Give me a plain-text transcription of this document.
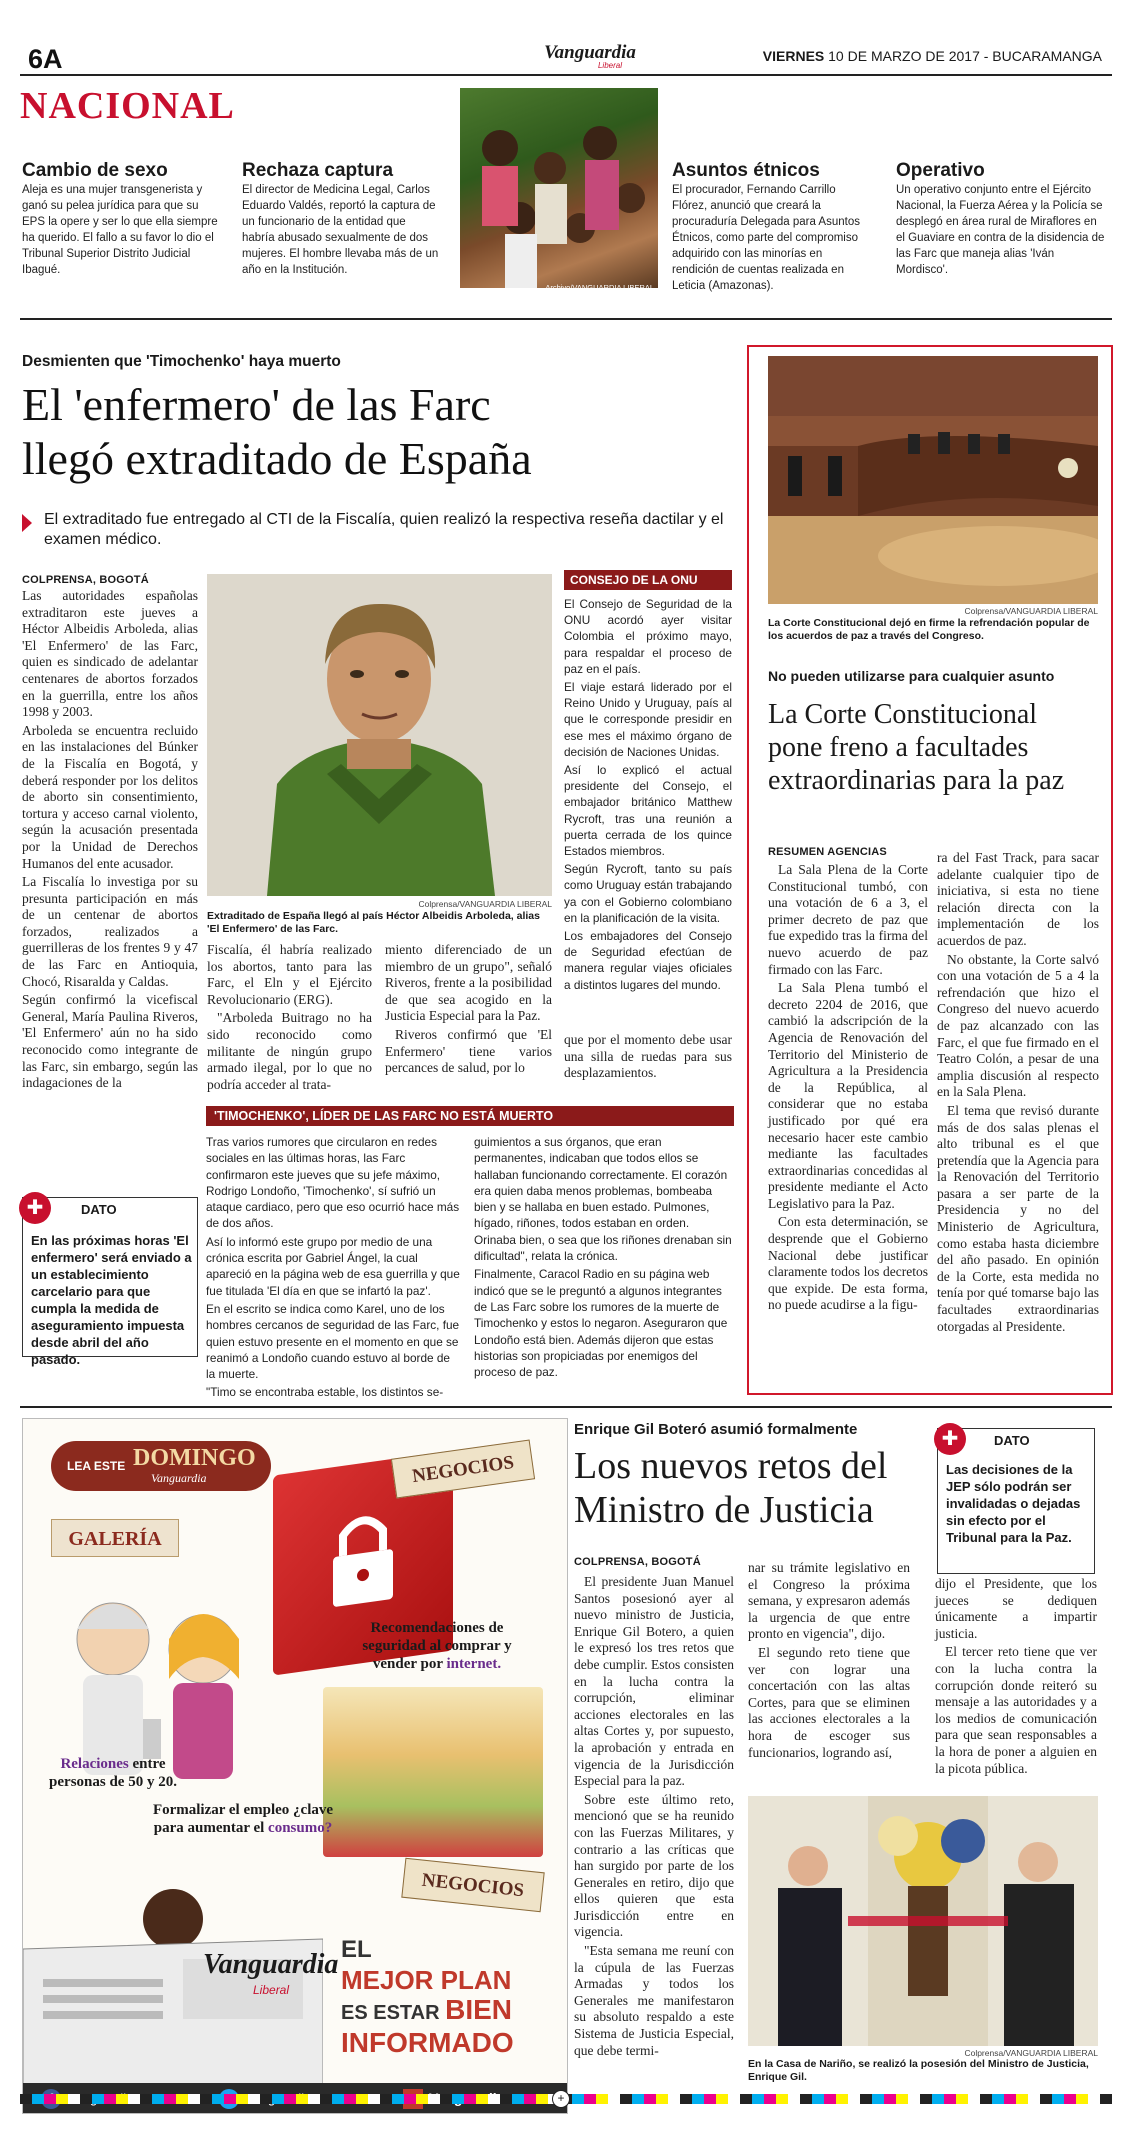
6A	Vanguardia
Liberal
VIERNES 10 DE MARZO DE 2017 - BUCARAMANGA
NACIONAL
Cambio de sexo
Aleja es una mujer transgenerista y ganó su pelea jurídica para que su EPS la opere y ser lo que ella siempre ha querido. El fallo a su favor lo dio el Tribunal Superior Distrito Judicial Ibagué.
Rechaza captura
El director de Medicina Legal, Carlos Eduardo Valdés, reportó la captura de un funcionario de la entidad que habría abusado sexualmente de dos mujeres. El hombre llevaba más de un año en la Institución.
Archivo/VANGUARDIA LIBERAL
Asuntos étnicos
El procurador, Fernando Carrillo Flórez, anunció que creará la procuraduría Delegada para Asuntos Étnicos, como parte del compromiso adquirido con las minorías en rendición de cuentas realizada en Leticia (Amazonas).
Operativo
Un operativo conjunto entre el Ejército Nacional, la Fuerza Aérea y la Policía se desplegó en área rural de Miraflores en el Guaviare en contra de la disidencia de las Farc que maneja alias 'Iván Mordisco'.
Desmienten que 'Timochenko' haya muerto
El 'enfermero' de las Farc
llegó extraditado de España
El extraditado fue entregado al CTI de la Fiscalía, quien realizó la respectiva reseña dactilar y el examen médico.
COLPRENSA, BOGOTÁ

Las autoridades españolas extraditaron este jueves a Héctor Albeidis Arboleda, alias 'El Enfermero' de las Farc, quien es sindicado de adelantar centenares de abortos forzados en la guerrilla, entre los años 1998 y 2003.

Arboleda se encuentra recluido en las instalaciones del Búnker de la Fiscalía en Bogotá, y deberá responder por los delitos de aborto sin consentimiento, tortura y acceso carnal violento, según la acusación presentada por la Unidad de Derechos Humanos del ente acusador.

La Fiscalía lo investiga por su presunta participación en más de un centenar de abortos forzados, realizados a guerrilleras de los frentes 9 y 47 de las Farc en Antioquia, Chocó, Risaralda y Caldas.

Según confirmó la vicefiscal General, María Paulina Riveros, 'El Enfermero' aún no ha sido reconocido como integrante de las Farc, sin embargo, según las indagaciones de la

✚	DATO
En las próximas horas 'El enfermero' será enviado a un establecimiento carcelario para que cumpla la medida de aseguramiento impuesta desde abril del año pasado.
Colprensa/VANGUARDIA LIBERAL
Extraditado de España llegó al país Héctor Albeidis Arboleda, alias 'El Enfermero' de las Farc.

Fiscalía, él habría realizado los abortos, tanto para las Farc, el Eln y el Ejército Revolucionario (ERG).

"Arboleda Buitrago no ha sido reconocido como militante de ningún grupo armado ilegal, por lo que no podría acceder al trata-

miento diferenciado de un miembro de un grupo", señaló Riveros, frente a la posibilidad de que sea acogido en la Justicia Especial para la Paz.

Riveros confirmó que 'El Enfermero' tiene varios percances de salud, por lo

CONSEJO DE LA ONU

El Consejo de Seguridad de la ONU acordó ayer visitar Colombia el próximo mayo, para respaldar el proceso de paz en el país.

El viaje estará liderado por el Reino Unido y Uruguay, país al que le corresponde presidir en ese mes el máximo órgano de decisión de Naciones Unidas.

Así lo explicó el actual presidente del Consejo, el embajador británico Matthew Rycroft, tras una reunión a puerta cerrada de los quince Estados miembros.

Según Rycroft, tanto su país como Uruguay están trabajando ya con el Gobierno colombiano en la planificación de la visita.

Los embajadores del Consejo de Seguridad efectúan de manera regular viajes oficiales a distintos lugares del mundo.

que por el momento debe usar una silla de ruedas para sus desplazamientos.
'TIMOCHENKO', LÍDER DE LAS FARC NO ESTÁ MUERTO

Tras varios rumores que circularon en redes sociales en las últimas horas, las Farc confirmaron este jueves que su jefe máximo, Rodrigo Londoño, 'Timochenko', sí sufrió un ataque cardiaco, pero que eso ocurrió hace más de dos años.

Así lo informó este grupo por medio de una crónica escrita por Gabriel Ángel, la cual apareció en la página web de esa guerrilla y que fue titulada 'El día en que se infartó la paz'.

En el escrito se indica como Karel, uno de los hombres cercanos de seguridad de las Farc, fue quien estuvo presente en el momento en que se reanimó a Londoño cuando estuvo al borde de la muerte.

"Timo se encontraba estable, los distintos se-

guimientos a sus órganos, que eran permanentes, indicaban que todos ellos se hallaban funcionando correctamente. El corazón era quien daba menos problemas, bombeaba bien y se hallaba en buen estado. Pulmones, hígado, riñones, todos estaban en orden. Orinaba bien, o sea que los riñones drenaban sin dificultad", relata la crónica.

Finalmente, Caracol Radio en su página web indicó que se le preguntó a algunos integrantes de Las Farc sobre los rumores de la muerte de Timochenko y estos lo negaron. Aseguraron que Londoño está bien. Además dijeron que estas historias son propiciadas por enemigos del proceso de paz.

Colprensa/VANGUARDIA LIBERAL
La Corte Constitucional dejó en firme la refrendación popular de los acuerdos de paz a través del Congreso.
No pueden utilizarse para cualquier asunto
La Corte Constitucional
pone freno a facultades
extraordinarias para la paz
RESUMEN AGENCIAS

La Sala Plena de la Corte Constitucional tumbó, con una votación de 6 a 3, el primer decreto de paz que fue expedido tras la firma del nuevo acuerdo de paz firmado con las Farc.

La Sala Plena tumbó el decreto 2204 de 2016, que cambió la adscripción de la Agencia de Renovación del Territorio del Ministerio de Agricultura a la Presidencia de la República, al considerar que no estaba justificado por qué era necesario hacer este cambio mediante las facultades extraordinarias concedidas al presidente mediante el Acto Legislativo para la Paz.

Con esta determinación, se desprende que el Gobierno Nacional debe justificar claramente todos los decretos que expide. De esta forma, no puede acudirse a la figu-

ra del Fast Track, para sacar adelante cualquier tipo de iniciativa, si esta no tiene relación directa con la implementación de los acuerdos de paz.

No obstante, la Corte salvó con una votación de 5 a 4 la refrendación que hizo el Congreso del nuevo acuerdo de paz alcanzado con las Farc, el que fue firmado en el Teatro Colón, a pesar de una amplia discusión al respecto en la Sala Plena.

El tema que revisó durante más de dos salas plenas el alto tribunal es el que pretendía que la Agencia para la Renovación del Territorio pasara a ser parte de la Presidencia y no del Ministerio de Agricultura, como estaba hasta diciembre del año pasado. En opinión de la Corte, esta medida no tenía por qué tomarse bajo las facultades extraordinarias otorgadas al Presidente.

LEA ESTE DOMINGO
Vanguardia
GALERÍA
NEGOCIOS
Recomendaciones de seguridad al comprar y vender por internet.
Relaciones entre personas de 50 y 20.
Formalizar el empleo ¿clave para aumentar el consumo?
NEGOCIOS
Vanguardia
Liberal
EL
MEJOR PLAN
ES ESTAR BIEN
INFORMADO
Enrique Gil Boteró asumió formalmente
Los nuevos retos del
Ministro de Justicia
✚	DATO
Las decisiones de la JEP sólo podrán ser invalidadas o dejadas sin efecto por el Tribunal para la Paz.
COLPRENSA, BOGOTÁ

El presidente Juan Manuel Santos posesionó ayer al nuevo ministro de Justicia, Enrique Gil Botero, a quien le expresó los tres retos que debe cumplir. Estos consisten en la lucha contra la corrupción, eliminar acciones electorales en las altas Cortes y, por supuesto, la aprobación y entrada en vigencia de la Jurisdicción Especial para la paz.

Sobre este último reto, mencionó que se ha reunido con las Fuerzas Militares, y contrario a las críticas que han surgido por parte de los Generales en retiro, dijo que ellos quieren que esta Jurisdicción entre en vigencia.

"Esta semana me reuní con la cúpula de las Fuerzas Armadas y todos los Generales me manifestaron su absoluto respaldo a este Sistema de Justicia Especial, que debe termi-

nar su trámite legislativo en el Congreso la próxima semana, y expresaron además la urgencia de que entre pronto en vigencia", dijo.

El segundo reto tiene que ver con lograr una concertación con las altas Cortes, para que se eliminen las acciones electorales a la hora de escoger sus funcionarios, logrando así,

dijo el Presidente, que los jueces se dediquen únicamente a impartir justicia.

El tercer reto tiene que ver con la lucha contra la corrupción donde reiteró su mensaje a las autoridades y a los medios de comunicación para que sean responsables a la hora de poner a alguien en la picota pública.

Colprensa/VANGUARDIA LIBERAL
En la Casa de Nariño, se realizó la posesión del Ministro de Justicia, Enrique Gil.
+
